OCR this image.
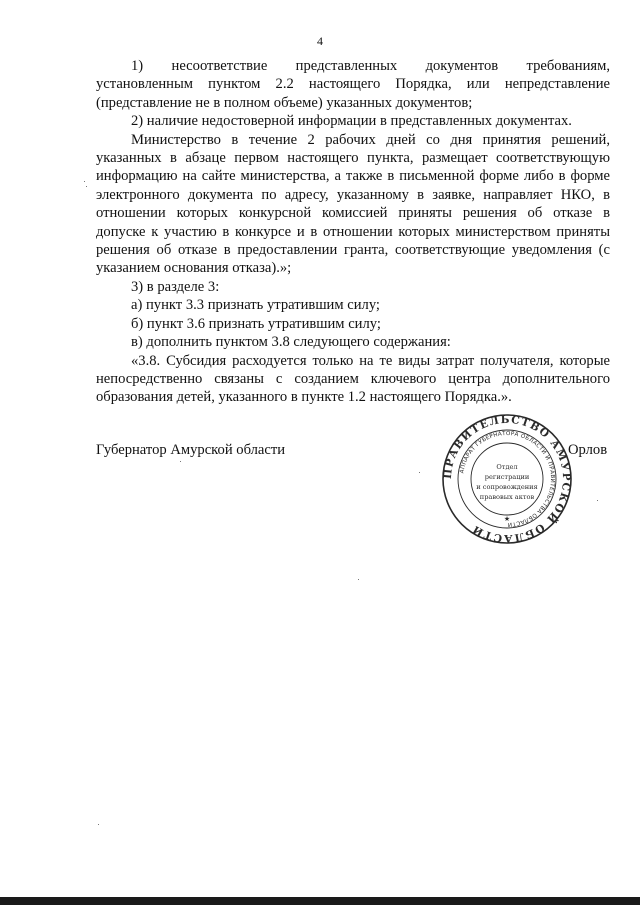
4

1) несоответствие представленных документов требованиям,

установленным пунктом 2.2 настоящего Порядка, или непредставление

(представление не в полном объеме) указанных документов;

2) наличие недостоверной информации в представленных документах.

Министерство в течение 2 рабочих дней со дня принятия решений,

указанных в абзаце первом настоящего пункта, размещает соответствующую

информацию на сайте министерства, а также в письменной форме либо в форме

электронного документа по адресу, указанному в заявке, направляет НКО, в

отношении которых конкурсной комиссией приняты решения об отказе в

допуске к участию в конкурсе и в отношении которых министерством приняты

решения об отказе в предоставлении гранта, соответствующие уведомления (с

указанием основания отказа).»;

3) в разделе 3:

а) пункт 3.3 признать утратившим силу;

б) пункт 3.6 признать утратившим силу;

в) дополнить пунктом 3.8 следующего содержания:

«3.8. Субсидия расходуется только на те виды затрат получателя, которые

непосредственно связаны с созданием ключевого центра дополнительного

образования детей, указанного в пункте 1.2 настоящего Порядка.».

Губернатор Амурской области
ПРАВИТЕЛЬСТВО АМУРСКОЙ ОБЛАСТИ
АППАРАТ ГУБЕРНАТОРА ОБЛАСТИ И ПРАВИТЕЛЬСТВА ОБЛАСТИ
Отдел
регистрации
и сопровождения
правовых актов
★
Орлов
